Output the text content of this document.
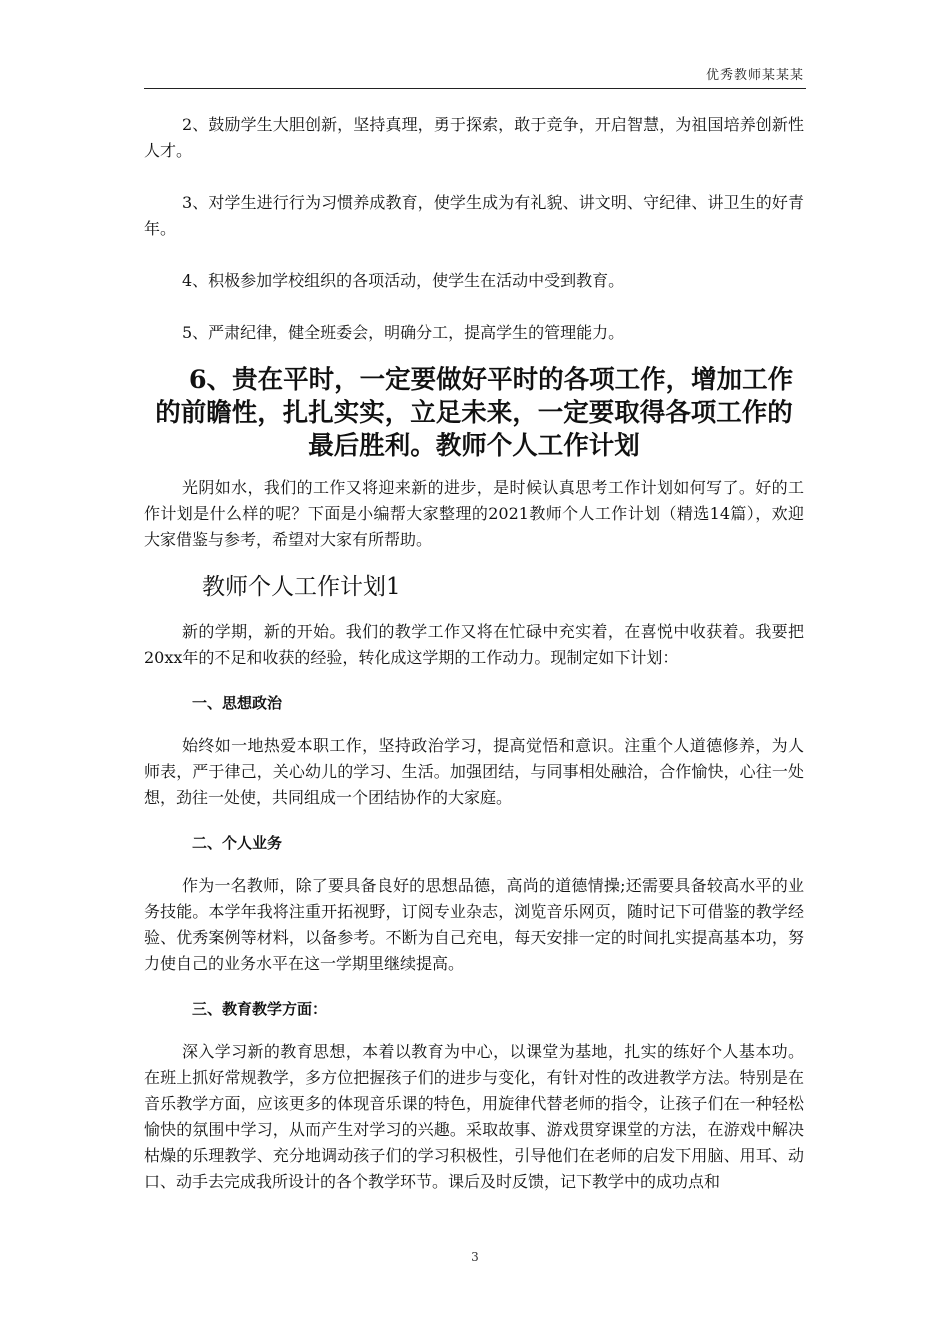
优秀教师某某某

2、鼓励学生大胆创新，坚持真理，勇于探索，敢于竞争，开启智慧，为祖国培养创新性人才。

3、对学生进行行为习惯养成教育，使学生成为有礼貌、讲文明、守纪律、讲卫生的好青年。

4、积极参加学校组织的各项活动，使学生在活动中受到教育。

5、严肃纪律，健全班委会，明确分工，提高学生的管理能力。

6、贵在平时，一定要做好平时的各项工作，增加工作的前瞻性，扎扎实实，立足未来，一定要取得各项工作的最后胜利。教师个人工作计划

光阴如水，我们的工作又将迎来新的进步，是时候认真思考工作计划如何写了。好的工作计划是什么样的呢？下面是小编帮大家整理的2021教师个人工作计划（精选14篇），欢迎大家借鉴与参考，希望对大家有所帮助。

教师个人工作计划1

新的学期，新的开始。我们的教学工作又将在忙碌中充实着，在喜悦中收获着。我要把20xx年的不足和收获的经验，转化成这学期的工作动力。现制定如下计划：

一、思想政治

始终如一地热爱本职工作，坚持政治学习，提高觉悟和意识。注重个人道德修养，为人师表，严于律己，关心幼儿的学习、生活。加强团结，与同事相处融洽，合作愉快，心往一处想，劲往一处使，共同组成一个团结协作的大家庭。

二、个人业务

作为一名教师，除了要具备良好的思想品德，高尚的道德情操;还需要具备较高水平的业务技能。本学年我将注重开拓视野，订阅专业杂志，浏览音乐网页，随时记下可借鉴的教学经验、优秀案例等材料，以备参考。不断为自己充电，每天安排一定的时间扎实提高基本功，努力使自己的业务水平在这一学期里继续提高。

三、教育教学方面：

深入学习新的教育思想，本着以教育为中心，以课堂为基地，扎实的练好个人基本功。在班上抓好常规教学，多方位把握孩子们的进步与变化，有针对性的改进教学方法。特别是在音乐教学方面，应该更多的体现音乐课的特色，用旋律代替老师的指令，让孩子们在一种轻松愉快的氛围中学习，从而产生对学习的兴趣。采取故事、游戏贯穿课堂的方法，在游戏中解决枯燥的乐理教学、充分地调动孩子们的学习积极性，引导他们在老师的启发下用脑、用耳、动口、动手去完成我所设计的各个教学环节。课后及时反馈，记下教学中的成功点和

3
